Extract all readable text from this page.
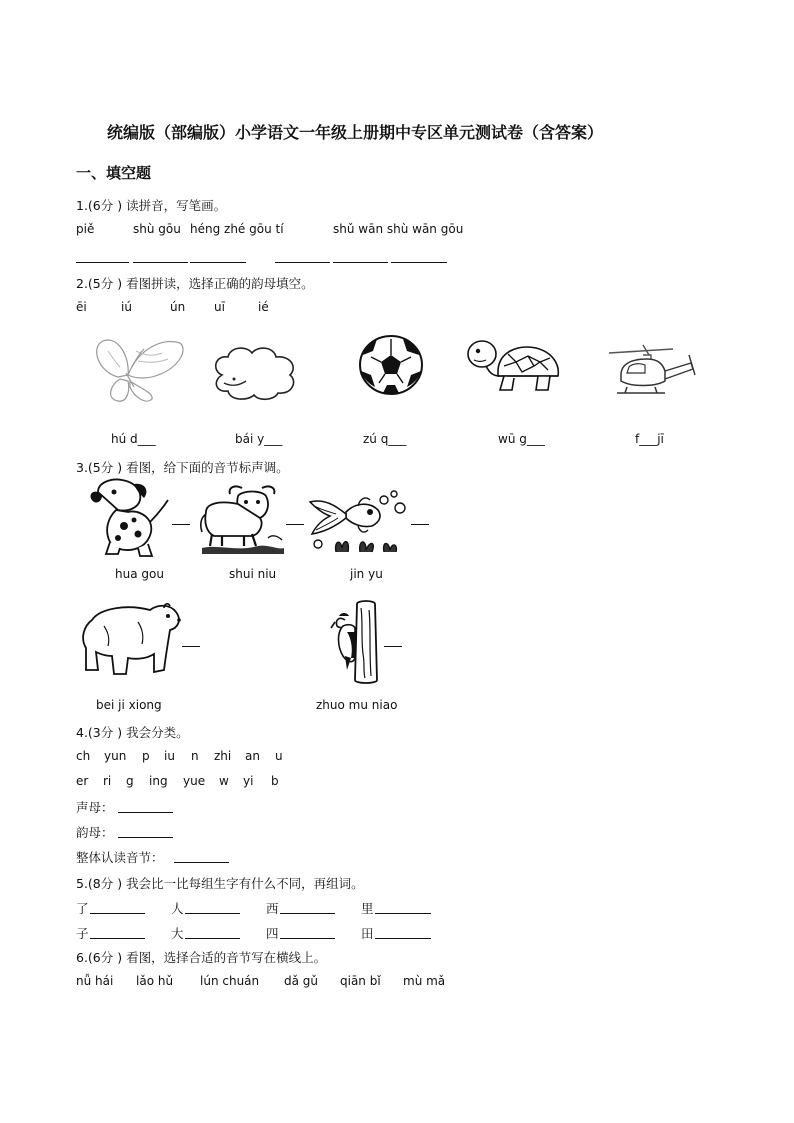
统编版（部编版）小学语文一年级上册期中专区单元测试卷（含答案）
一、填空题
1.(6分 ) 读拼音，写笔画。
piě	shù gōu héng zhé gōu tí	shǔ wān shù wān gōu
2.(5分 ) 看图拼读，选择正确的韵母填空。
ēi	iú	ún uī	ié
hú d___	bái y___	zú q___	wū g___	f___jī
3.(5分 ) 看图，给下面的音节标声调。
hua gou	shui niu	jin yu
bei ji xiong	zhuo mu niao
4.(3分 ) 我会分类。
ch yun p iu n zhi an u
er ri g ing yue w yi b
声母：
韵母：
整体认读音节：
5.(8分 ) 我会比一比每组生字有什么不同，再组词。
了	人	西	里
子	大	四	田
6.(6分 ) 看图，选择合适的音节写在横线上。
nǚ hái lǎo hǔ lún chuán dǎ gǔ qiān bǐ mù mǎ
